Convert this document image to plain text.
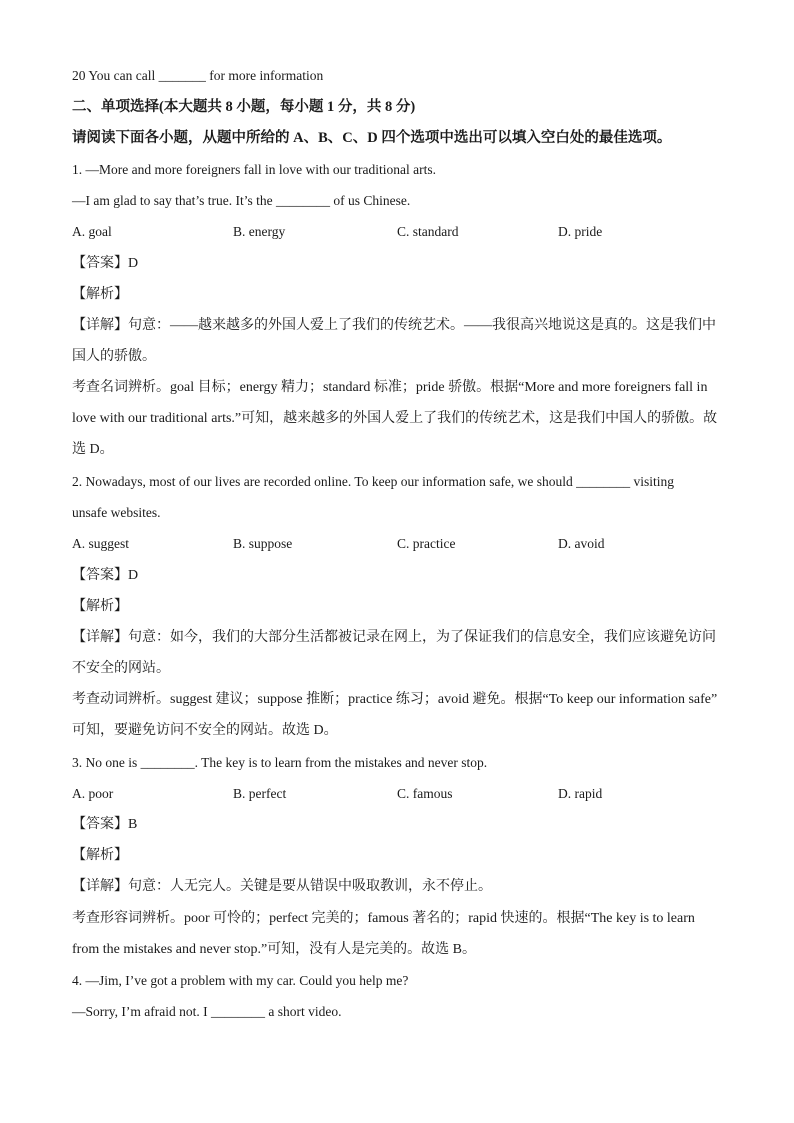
20 You can call _______ for more information
二、单项选择(本大题共 8 小题，每小题 1 分，共 8 分)
请阅读下面各小题，从题中所给的 A、B、C、D 四个选项中选出可以填入空白处的最佳选项。
1. —More and more foreigners fall in love with our traditional arts.
—I am glad to say that’s true. It’s the ________ of us Chinese.
A. goal	B. energy	C. standard	D. pride
【答案】D
【解析】
【详解】句意：——越来越多的外国人爱上了我们的传统艺术。——我很高兴地说这是真的。这是我们中
国人的骄傲。
考查名词辨析。goal 目标；energy 精力；standard 标准；pride 骄傲。根据“More and more foreigners fall in
love with our traditional arts.”可知，越来越多的外国人爱上了我们的传统艺术，这是我们中国人的骄傲。故
选 D。
2. Nowadays, most of our lives are recorded online. To keep our information safe, we should ________ visiting
unsafe websites.
A. suggest	B. suppose	C. practice	D. avoid
【答案】D
【解析】
【详解】句意：如今，我们的大部分生活都被记录在网上，为了保证我们的信息安全，我们应该避免访问
不安全的网站。
考查动词辨析。suggest 建议；suppose 推断；practice 练习；avoid 避免。根据“To keep our information safe”
可知，要避免访问不安全的网站。故选 D。
3. No one is ________. The key is to learn from the mistakes and never stop.
A. poor	B. perfect	C. famous	D. rapid
【答案】B
【解析】
【详解】句意：人无完人。关键是要从错误中吸取教训，永不停止。
考查形容词辨析。poor 可怜的；perfect 完美的；famous 著名的；rapid 快速的。根据“The key is to learn
from the mistakes and never stop.”可知，没有人是完美的。故选 B。
4. —Jim, I’ve got a problem with my car. Could you help me?
—Sorry, I’m afraid not. I ________ a short video.
